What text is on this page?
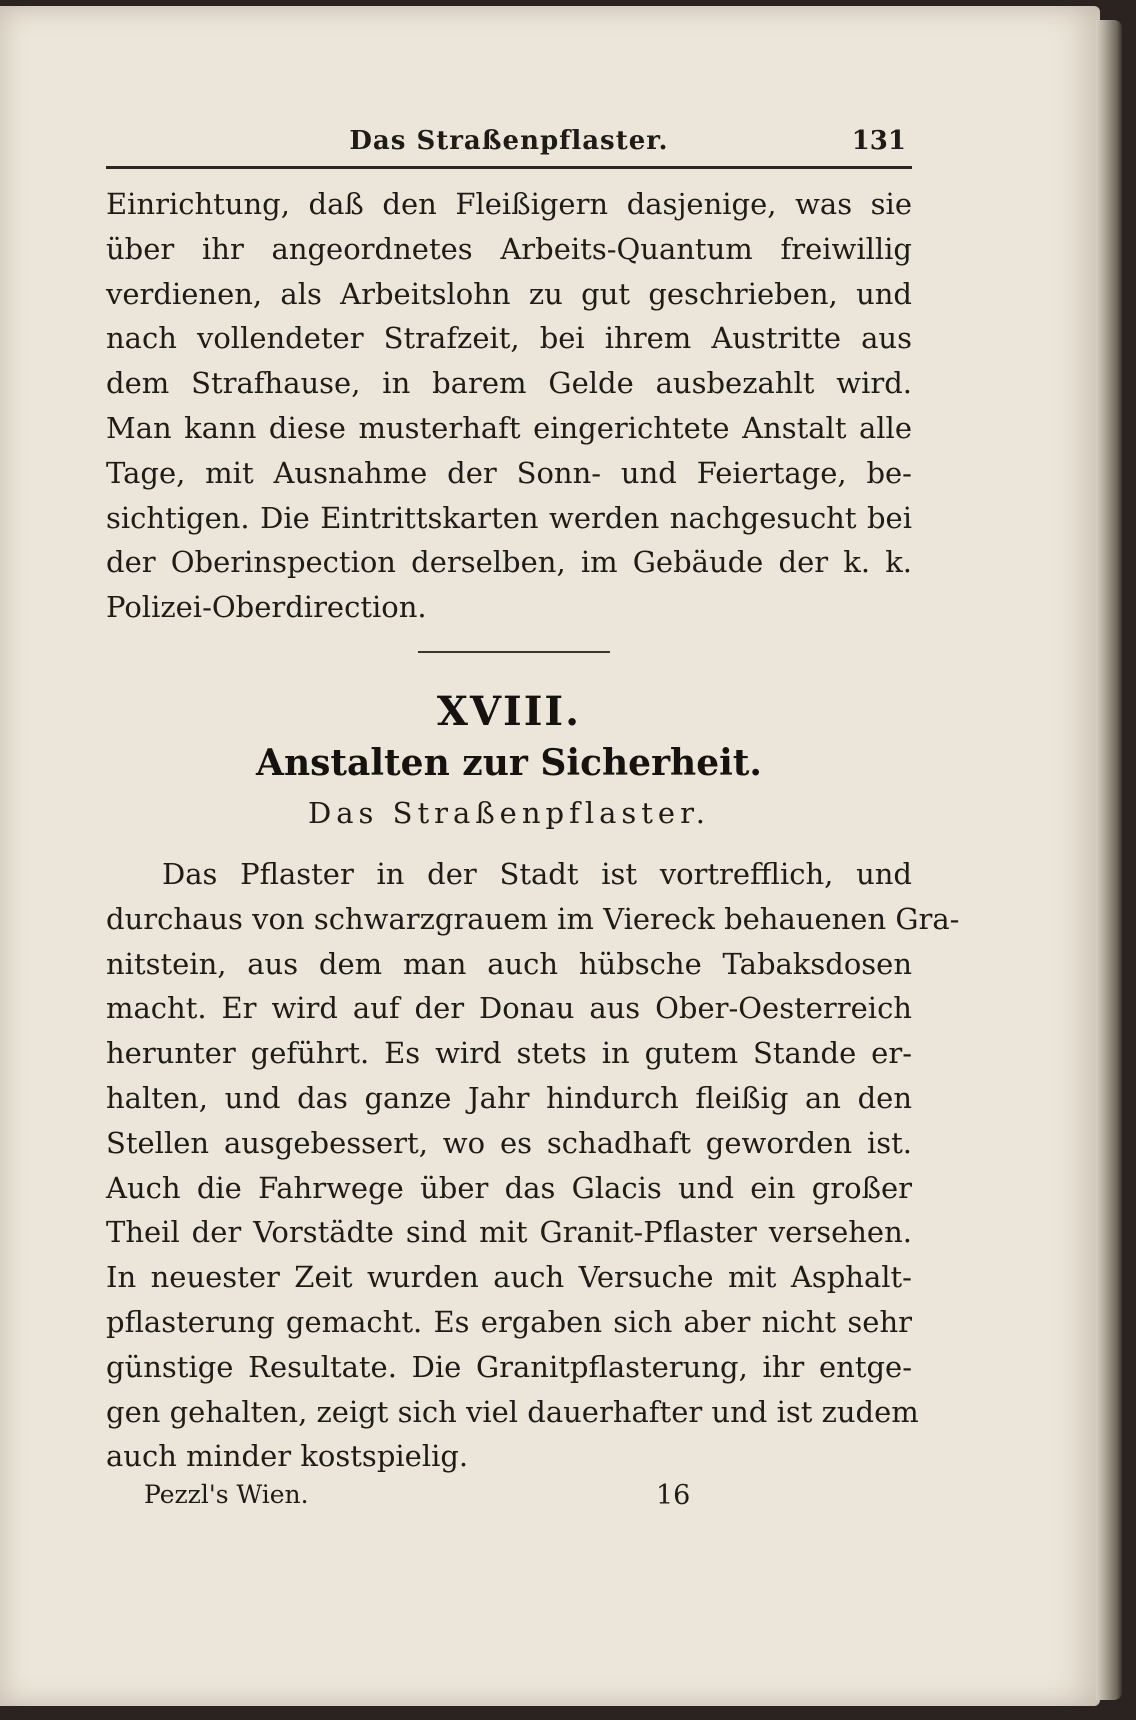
Das Straßenpflaster.	131
Einrichtung, daß den Fleißigern dasjenige, was sie
über ihr angeordnetes Arbeits-Quantum freiwillig
verdienen, als Arbeitslohn zu gut geschrieben, und
nach vollendeter Strafzeit, bei ihrem Austritte aus
dem Strafhause, in barem Gelde ausbezahlt wird.
Man kann diese musterhaft eingerichtete Anstalt alle
Tage, mit Ausnahme der Sonn- und Feiertage, be-
sichtigen. Die Eintrittskarten werden nachgesucht bei
der Oberinspection derselben, im Gebäude der k. k.
Polizei-Oberdirection.
XVIII.
Anstalten zur Sicherheit.
Das Straßenpflaster.
Das Pflaster in der Stadt ist vortrefflich, und
durchaus von schwarzgrauem im Viereck behauenen Gra-
nitstein, aus dem man auch hübsche Tabaksdosen
macht. Er wird auf der Donau aus Ober-Oesterreich
herunter geführt. Es wird stets in gutem Stande er-
halten, und das ganze Jahr hindurch fleißig an den
Stellen ausgebessert, wo es schadhaft geworden ist.
Auch die Fahrwege über das Glacis und ein großer
Theil der Vorstädte sind mit Granit-Pflaster versehen.
In neuester Zeit wurden auch Versuche mit Asphalt-
pflasterung gemacht. Es ergaben sich aber nicht sehr
günstige Resultate. Die Granitpflasterung, ihr entge-
gen gehalten, zeigt sich viel dauerhafter und ist zudem
auch minder kostspielig.
Pezzl's Wien.	16
